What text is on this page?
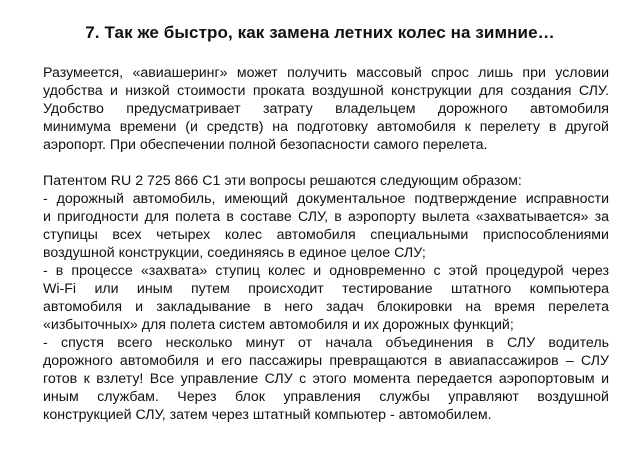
7. Так же быстро, как замена летних колес на зимние…
Разумеется, «авиашеринг» может получить массовый спрос лишь при условии
удобства и низкой стоимости проката воздушной конструкции для создания СЛУ.
Удобство предусматривает затрату владельцем дорожного автомобиля
минимума времени (и средств) на подготовку автомобиля к перелету в другой
аэропорт. При обеспечении полной безопасности самого перелета.
Патентом RU 2 725 866 C1 эти вопросы решаются следующим образом:
- дорожный автомобиль, имеющий документальное подтверждение исправности
и пригодности для полета в составе СЛУ, в аэропорту вылета «захватывается» за
ступицы всех четырех колес автомобиля специальными приспособлениями
воздушной конструкции, соединяясь в единое целое СЛУ;
- в процессе «захвата» ступиц колес и одновременно с этой процедурой через
Wi-Fi или иным путем происходит тестирование штатного компьютера
автомобиля и закладывание в него задач блокировки на время перелета
«избыточных» для полета систем автомобиля и их дорожных функций;
- спустя всего несколько минут от начала объединения в СЛУ водитель
дорожного автомобиля и его пассажиры превращаются в авиапассажиров – СЛУ
готов к взлету! Все управление СЛУ с этого момента передается аэропортовым и
иным службам. Через блок управления службы управляют воздушной
конструкцией СЛУ, затем через штатный компьютер - автомобилем.
